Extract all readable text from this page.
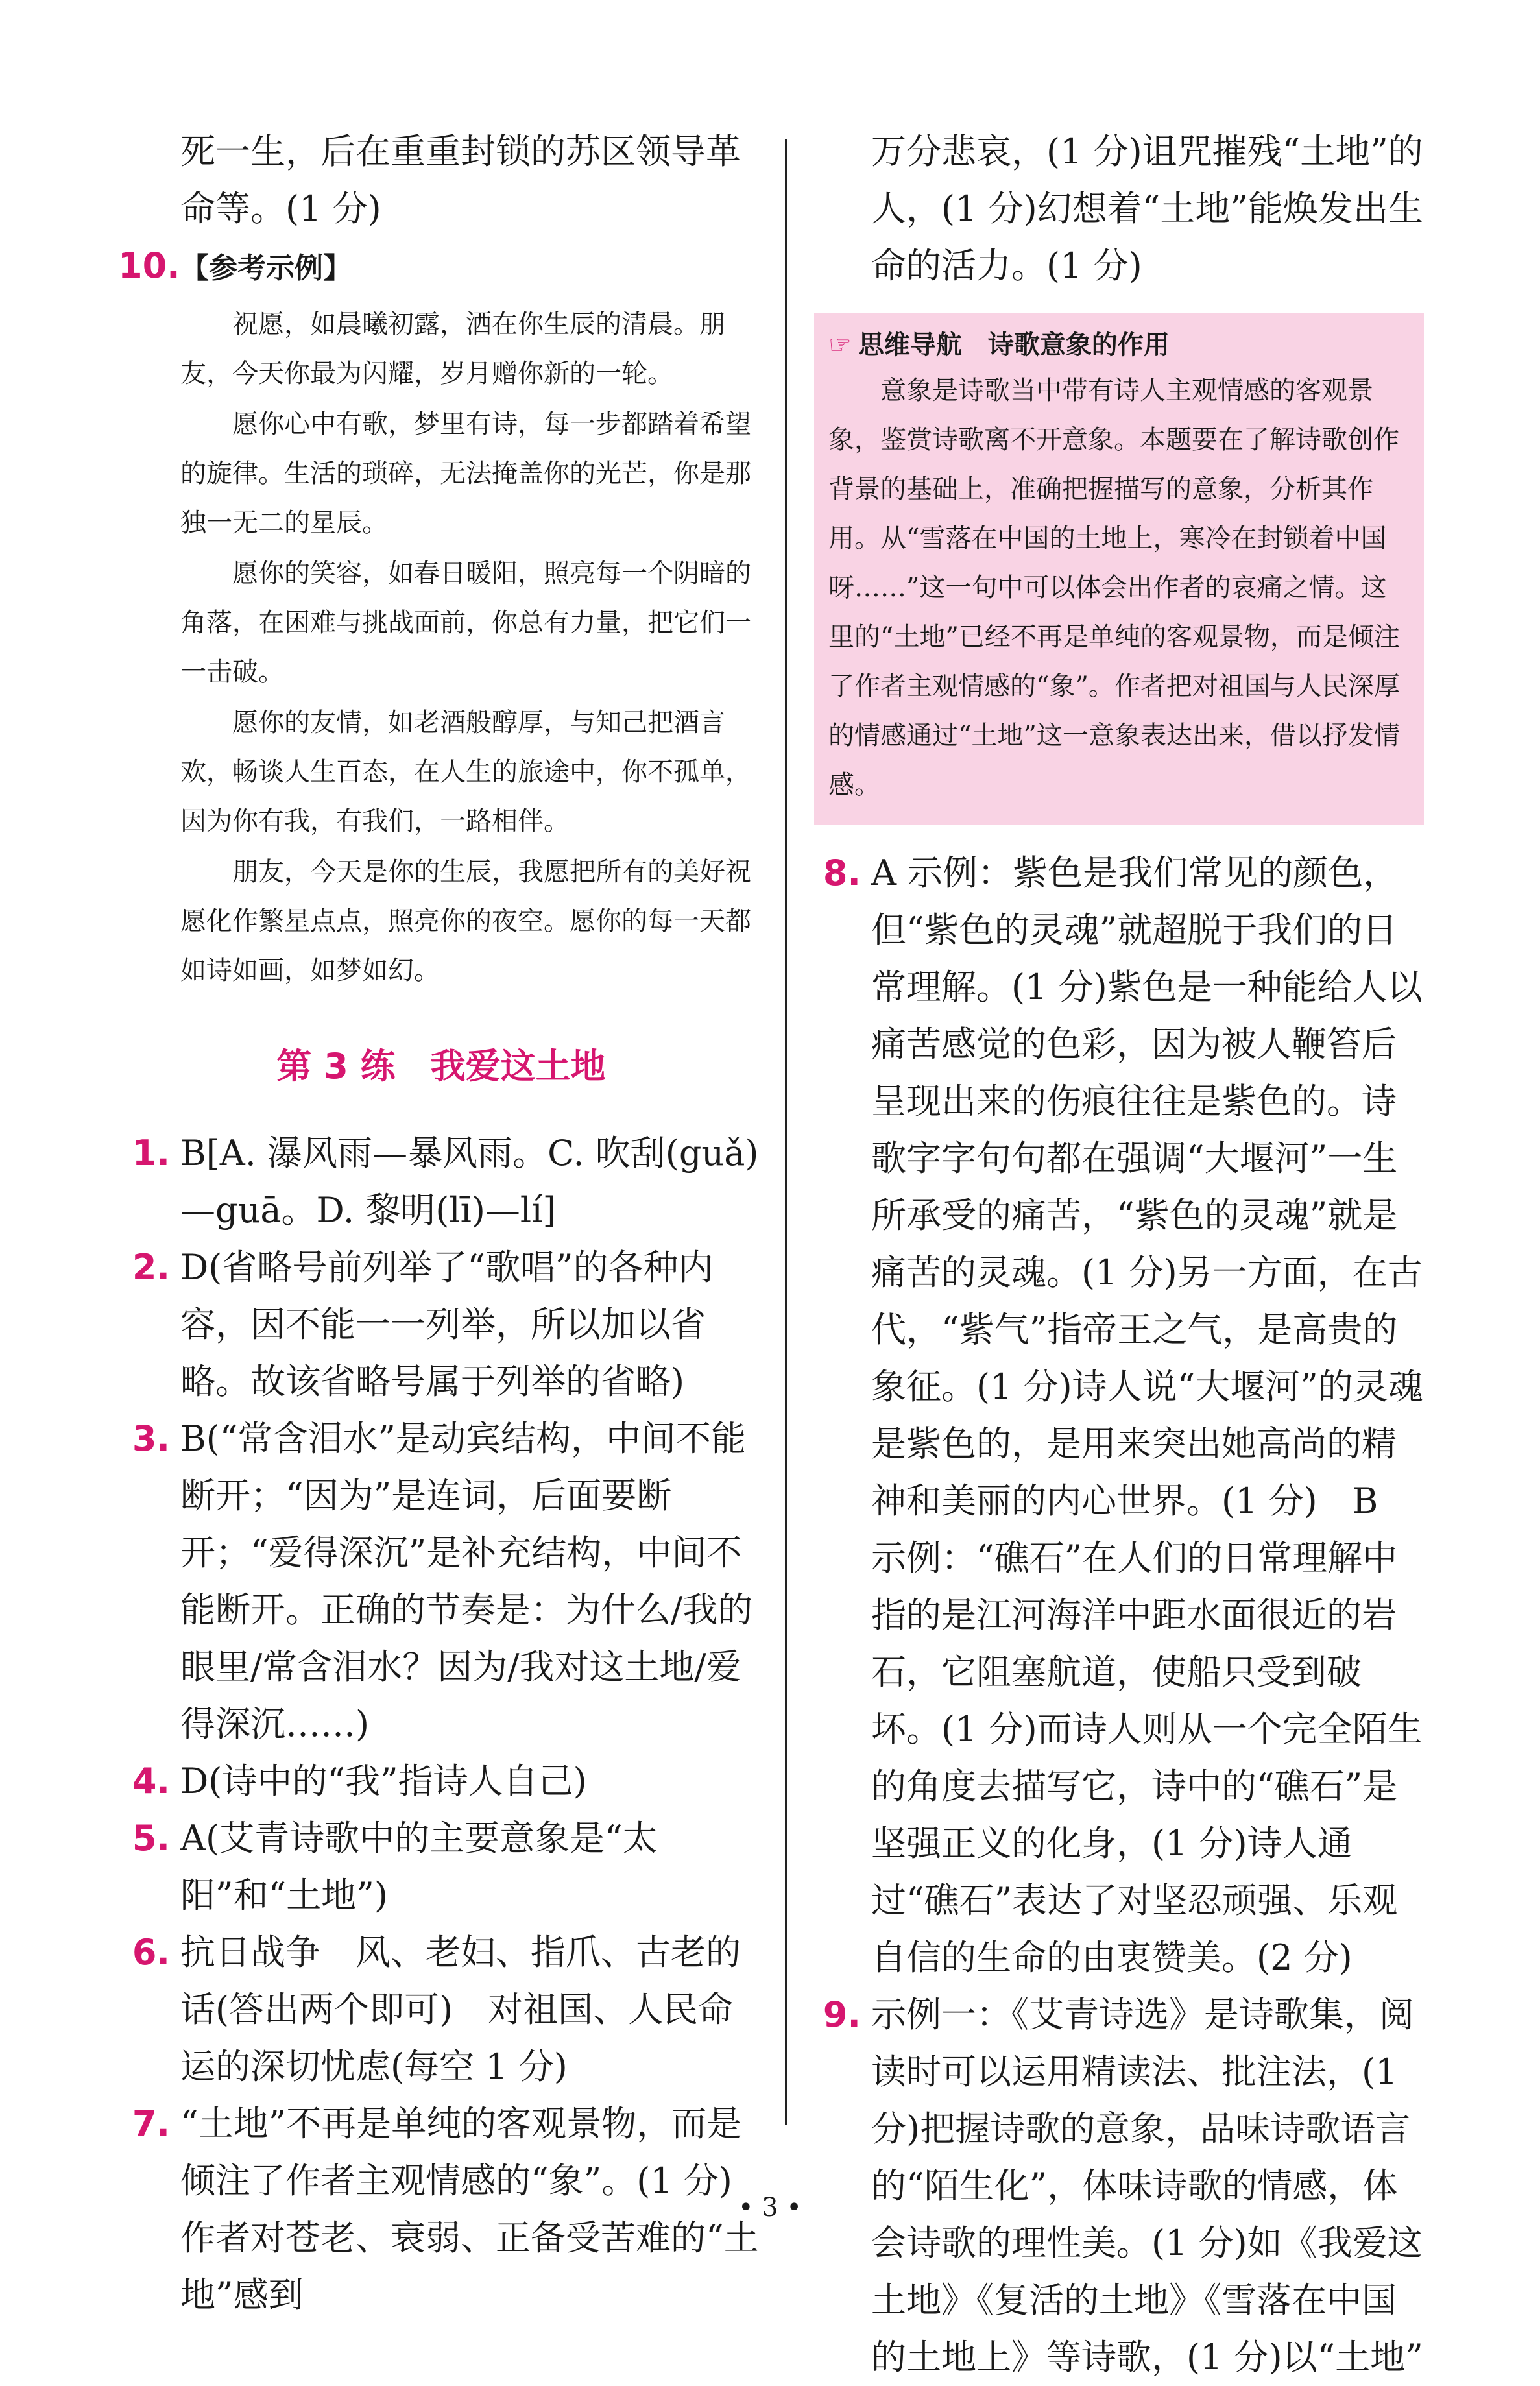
死一生，后在重重封锁的苏区领导革命等。(1 分)

10. 【参考示例】

祝愿，如晨曦初露，洒在你生辰的清晨。朋友，今天你最为闪耀，岁月赠你新的一轮。

愿你心中有歌，梦里有诗，每一步都踏着希望的旋律。生活的琐碎，无法掩盖你的光芒，你是那独一无二的星辰。

愿你的笑容，如春日暖阳，照亮每一个阴暗的角落，在困难与挑战面前，你总有力量，把它们一一击破。

愿你的友情，如老酒般醇厚，与知己把酒言欢，畅谈人生百态，在人生的旅途中，你不孤单，因为你有我，有我们，一路相伴。

朋友，今天是你的生辰，我愿把所有的美好祝愿化作繁星点点，照亮你的夜空。愿你的每一天都如诗如画，如梦如幻。

第 3 练　我爱这土地
1. B[A. 瀑风雨—暴风雨。C. 吹刮(guǎ)—guā。D. 黎明(lī)—lí]
2. D(省略号前列举了“歌唱”的各种内容，因不能一一列举，所以加以省略。故该省略号属于列举的省略)
3. B(“常含泪水”是动宾结构，中间不能断开；“因为”是连词，后面要断开；“爱得深沉”是补充结构，中间不能断开。正确的节奏是：为什么/我的眼里/常含泪水？因为/我对这土地/爱得深沉……)
4. D(诗中的“我”指诗人自己)
5. A(艾青诗歌中的主要意象是“太阳”和“土地”)
6. 抗日战争　风、老妇、指爪、古老的话(答出两个即可)　对祖国、人民命运的深切忧虑(每空 1 分)
7. “土地”不再是单纯的客观景物，而是倾注了作者主观情感的“象”。(1 分)作者对苍老、衰弱、正备受苦难的“土地”感到

万分悲哀，(1 分)诅咒摧残“土地”的人，(1 分)幻想着“土地”能焕发出生命的活力。(1 分)

☞ 思维导航 诗歌意象的作用

意象是诗歌当中带有诗人主观情感的客观景象，鉴赏诗歌离不开意象。本题要在了解诗歌创作背景的基础上，准确把握描写的意象，分析其作用。从“雪落在中国的土地上，寒冷在封锁着中国呀……”这一句中可以体会出作者的哀痛之情。这里的“土地”已经不再是单纯的客观景物，而是倾注了作者主观情感的“象”。作者把对祖国与人民深厚的情感通过“土地”这一意象表达出来，借以抒发情感。

8. A 示例：紫色是我们常见的颜色，但“紫色的灵魂”就超脱于我们的日常理解。(1 分)紫色是一种能给人以痛苦感觉的色彩，因为被人鞭笞后呈现出来的伤痕往往是紫色的。诗歌字字句句都在强调“大堰河”一生所承受的痛苦，“紫色的灵魂”就是痛苦的灵魂。(1 分)另一方面，在古代，“紫气”指帝王之气，是高贵的象征。(1 分)诗人说“大堰河”的灵魂是紫色的，是用来突出她高尚的精神和美丽的内心世界。(1 分)　B 示例：“礁石”在人们的日常理解中指的是江河海洋中距水面很近的岩石，它阻塞航道，使船只受到破坏。(1 分)而诗人则从一个完全陌生的角度去描写它，诗中的“礁石”是坚强正义的化身，(1 分)诗人通过“礁石”表达了对坚忍顽强、乐观自信的生命的由衷赞美。(2 分)
9. 示例一：《艾青诗选》是诗歌集，阅读时可以运用精读法、批注法，(1 分)把握诗歌的意象，品味诗歌语言的“陌生化”，体味诗歌的情感，体会诗歌的理性美。(1 分)如《我爱这土地》《复活的土地》《雪落在中国的土地上》等诗歌，(1 分)以“土地”
• 3 •
